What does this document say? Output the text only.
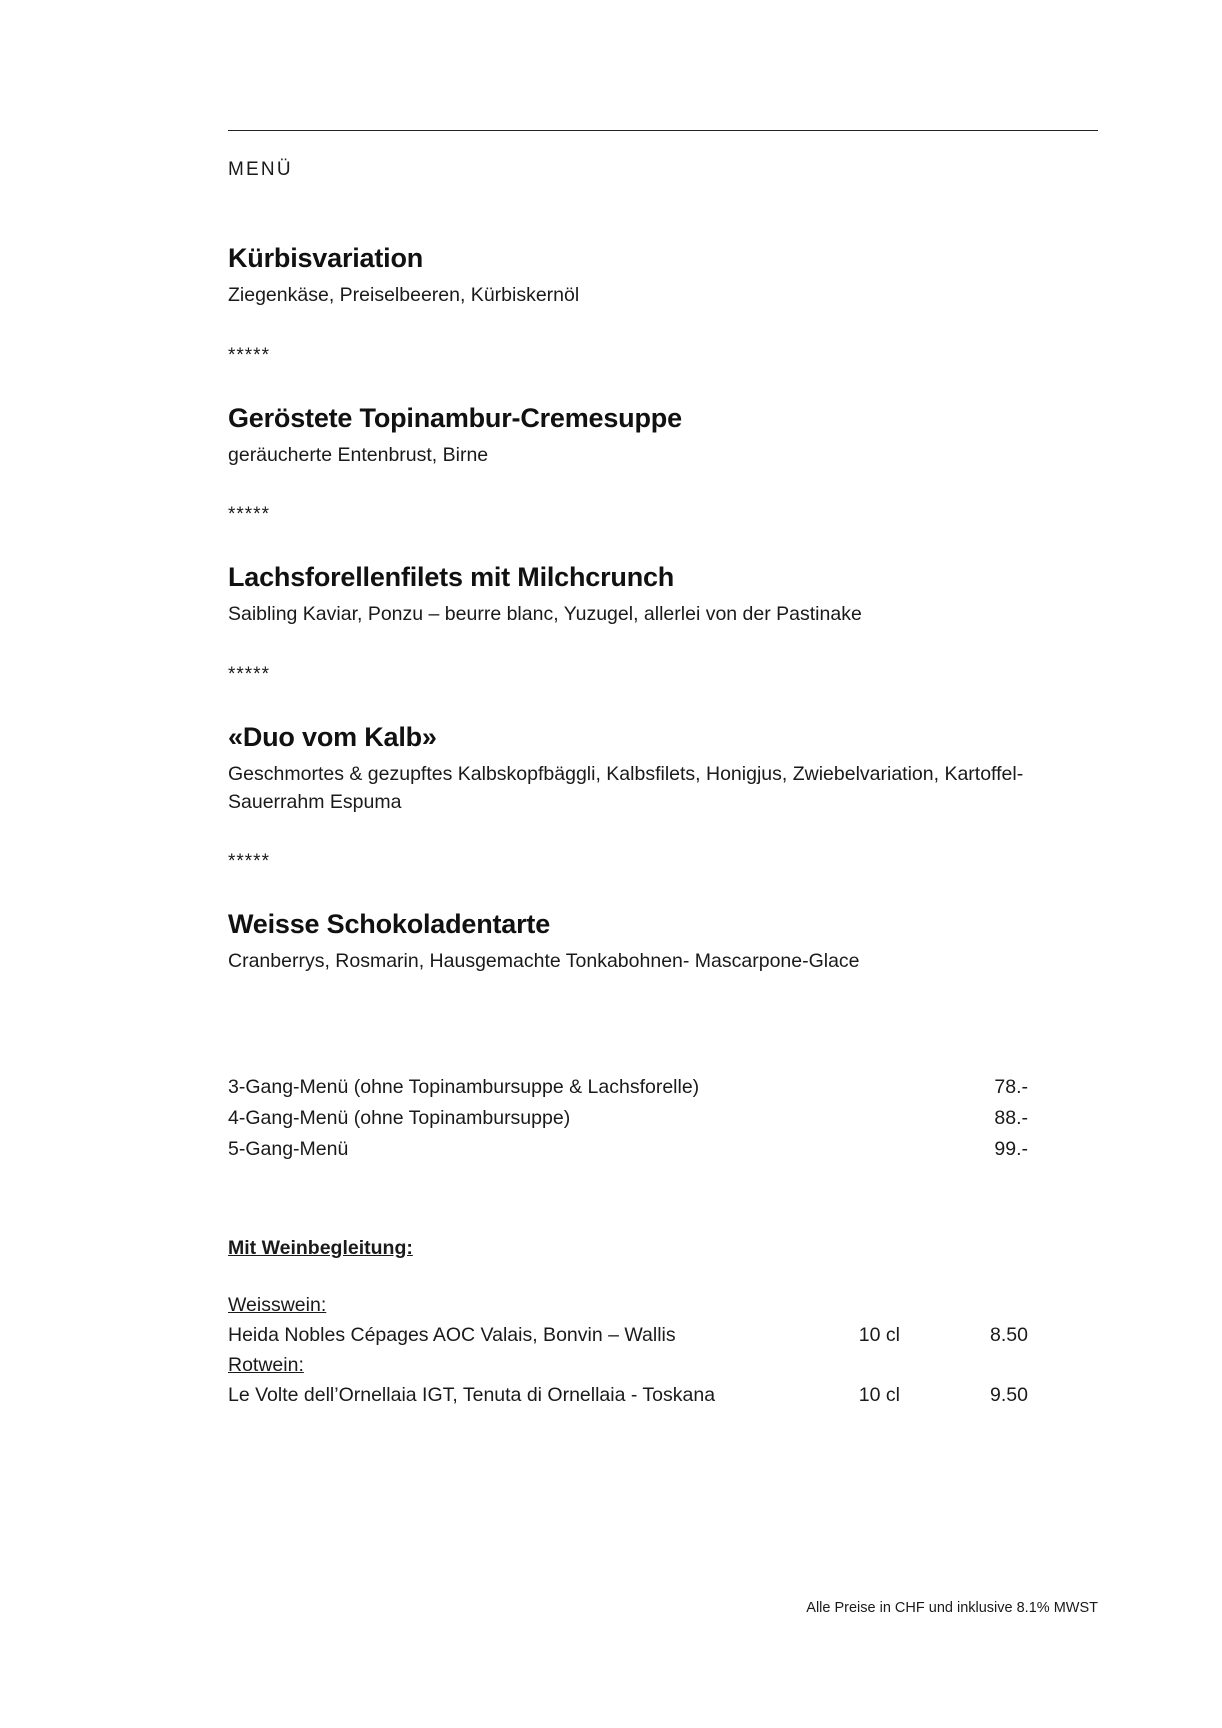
MENÜ
Kürbisvariation
Ziegenkäse, Preiselbeeren, Kürbiskernöl
*****
Geröstete Topinambur-Cremesuppe
geräucherte Entenbrust, Birne
*****
Lachsforellenfilets mit Milchcrunch
Saibling Kaviar, Ponzu – beurre blanc, Yuzugel, allerlei von der Pastinake
*****
«Duo vom Kalb»
Geschmortes & gezupftes Kalbskopfbäggli, Kalbsfilets, Honigjus, Zwiebelvariation, Kartoffel-Sauerrahm Espuma
*****
Weisse Schokoladentarte
Cranberrys, Rosmarin, Hausgemachte Tonkabohnen- Mascarpone-Glace
3-Gang-Menü (ohne Topinambursuppe & Lachsforelle)	78.-
4-Gang-Menü (ohne Topinambursuppe)	88.-
5-Gang-Menü	99.-
Mit Weinbegleitung:
Weisswein:		
Heida Nobles Cépages AOC Valais, Bonvin – Wallis	10 cl	8.50
Rotwein:		
Le Volte dell’Ornellaia IGT, Tenuta di Ornellaia - Toskana	10 cl	9.50
Alle Preise in CHF und inklusive 8.1% MWST
